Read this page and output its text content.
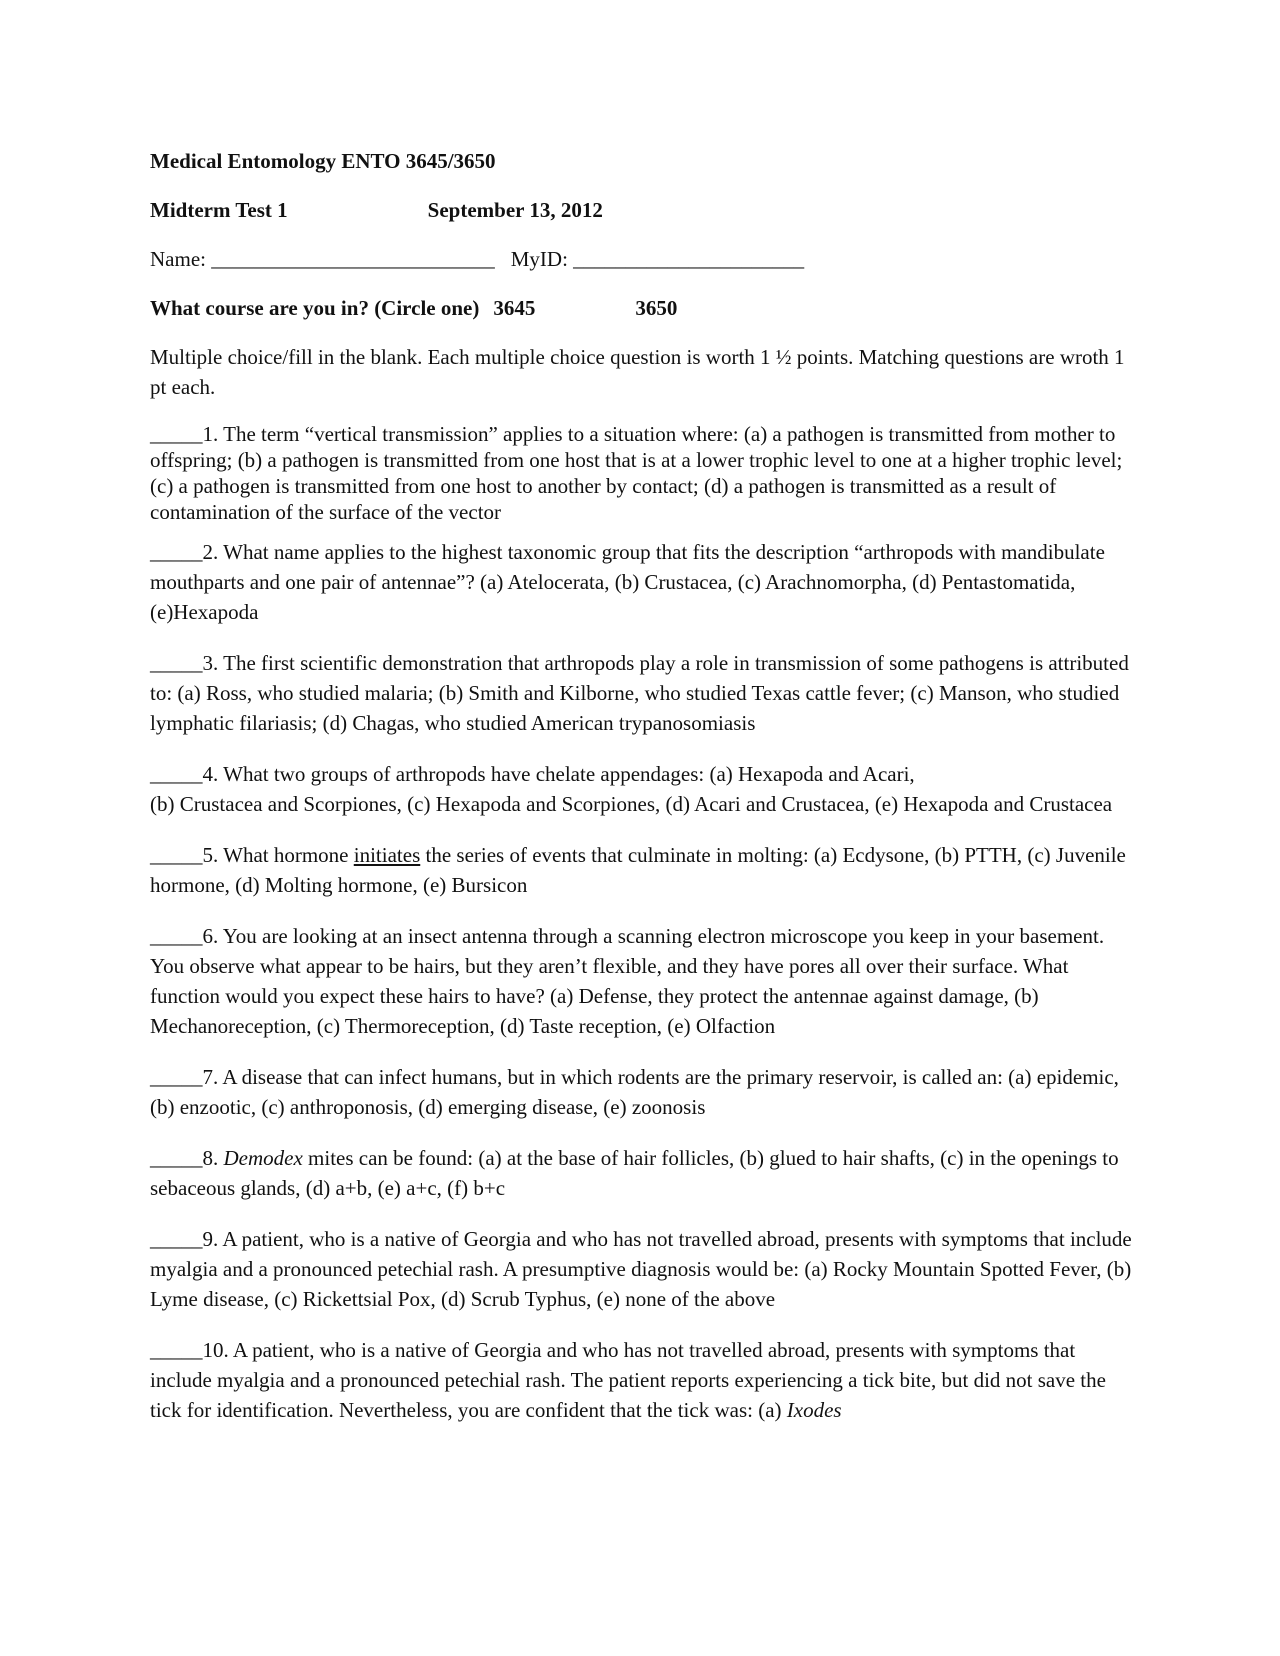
Medical Entomology ENTO 3645/3650
Midterm Test 1	September 13, 2012
Name: ___________________________ MyID: ______________________
What course are you in? (Circle one) 3645	3650
Multiple choice/fill in the blank. Each multiple choice question is worth 1 ½ points. Matching questions are wroth 1 pt each.
_____1. The term “vertical transmission” applies to a situation where: (a) a pathogen is transmitted from mother to offspring; (b) a pathogen is transmitted from one host that is at a lower trophic level to one at a higher trophic level; (c) a pathogen is transmitted from one host to another by contact; (d) a pathogen is transmitted as a result of contamination of the surface of the vector
_____2. What name applies to the highest taxonomic group that fits the description “arthropods with mandibulate mouthparts and one pair of antennae”? (a) Atelocerata, (b) Crustacea, (c) Arachnomorpha, (d) Pentastomatida, (e)Hexapoda
_____3. The first scientific demonstration that arthropods play a role in transmission of some pathogens is attributed to: (a) Ross, who studied malaria; (b) Smith and Kilborne, who studied Texas cattle fever; (c) Manson, who studied lymphatic filariasis; (d) Chagas, who studied American trypanosomiasis
_____4. What two groups of arthropods have chelate appendages: (a) Hexapoda and Acari,
(b) Crustacea and Scorpiones, (c) Hexapoda and Scorpiones, (d) Acari and Crustacea, (e) Hexapoda and Crustacea
_____5. What hormone initiates the series of events that culminate in molting: (a) Ecdysone, (b) PTTH, (c) Juvenile hormone, (d) Molting hormone, (e) Bursicon
_____6. You are looking at an insect antenna through a scanning electron microscope you keep in your basement. You observe what appear to be hairs, but they aren’t flexible, and they have pores all over their surface. What function would you expect these hairs to have? (a) Defense, they protect the antennae against damage, (b) Mechanoreception, (c) Thermoreception, (d) Taste reception, (e) Olfaction
_____7. A disease that can infect humans, but in which rodents are the primary reservoir, is called an: (a) epidemic, (b) enzootic, (c) anthroponosis, (d) emerging disease, (e) zoonosis
_____8. Demodex mites can be found: (a) at the base of hair follicles, (b) glued to hair shafts, (c) in the openings to sebaceous glands, (d) a+b, (e) a+c, (f) b+c
_____9. A patient, who is a native of Georgia and who has not travelled abroad, presents with symptoms that include myalgia and a pronounced petechial rash. A presumptive diagnosis would be: (a) Rocky Mountain Spotted Fever, (b) Lyme disease, (c) Rickettsial Pox, (d) Scrub Typhus, (e) none of the above
_____10. A patient, who is a native of Georgia and who has not travelled abroad, presents with symptoms that include myalgia and a pronounced petechial rash. The patient reports experiencing a tick bite, but did not save the tick for identification. Nevertheless, you are confident that the tick was: (a) Ixodes
